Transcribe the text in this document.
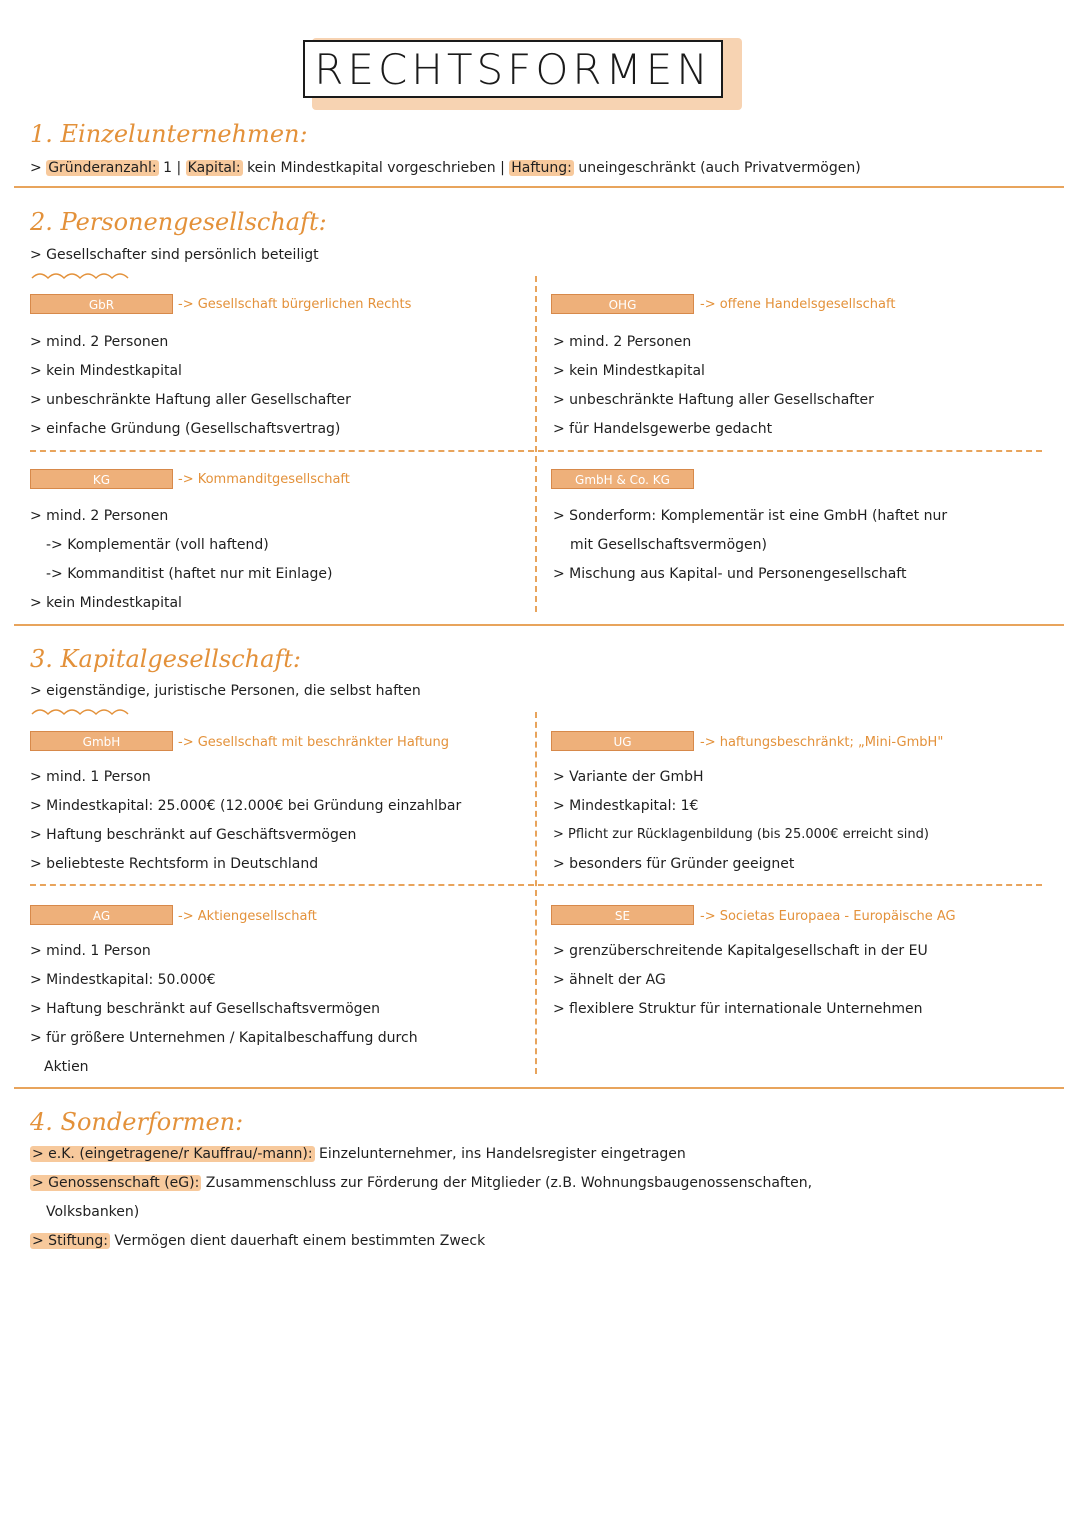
RECHTSFORMEN
1. Einzelunternehmen:
> Gründeranzahl: 1 | Kapital: kein Mindestkapital vorgeschrieben | Haftung: uneingeschränkt (auch Privatvermögen)
2. Personengesellschaft:
> Gesellschafter sind persönlich beteiligt
GbR	-> Gesellschaft bürgerlichen Rechts
> mind. 2 Personen
> kein Mindestkapital
> unbeschränkte Haftung aller Gesellschafter
> einfache Gründung (Gesellschaftsvertrag)
OHG	-> offene Handelsgesellschaft
> mind. 2 Personen
> kein Mindestkapital
> unbeschränkte Haftung aller Gesellschafter
> für Handelsgewerbe gedacht
KG	-> Kommanditgesellschaft
> mind. 2 Personen
-> Komplementär (voll haftend)
-> Kommanditist (haftet nur mit Einlage)
> kein Mindestkapital
GmbH & Co. KG
> Sonderform: Komplementär ist eine GmbH (haftet nur
mit Gesellschaftsvermögen)
> Mischung aus Kapital- und Personengesellschaft
3. Kapitalgesellschaft:
> eigenständige, juristische Personen, die selbst haften
GmbH	-> Gesellschaft mit beschränkter Haftung
> mind. 1 Person
> Mindestkapital: 25.000€ (12.000€ bei Gründung einzahlbar
> Haftung beschränkt auf Geschäftsvermögen
> beliebteste Rechtsform in Deutschland
UG	-> haftungsbeschränkt; „Mini-GmbH"
> Variante der GmbH
> Mindestkapital: 1€
> Pflicht zur Rücklagenbildung (bis 25.000€ erreicht sind)
> besonders für Gründer geeignet
AG	-> Aktiengesellschaft
> mind. 1 Person
> Mindestkapital: 50.000€
> Haftung beschränkt auf Gesellschaftsvermögen
> für größere Unternehmen / Kapitalbeschaffung durch
Aktien
SE	-> Societas Europaea - Europäische AG
> grenzüberschreitende Kapitalgesellschaft in der EU
> ähnelt der AG
> flexiblere Struktur für internationale Unternehmen
4. Sonderformen:
> e.K. (eingetragene/r Kauffrau/-mann): Einzelunternehmer, ins Handelsregister eingetragen
> Genossenschaft (eG): Zusammenschluss zur Förderung der Mitglieder (z.B. Wohnungsbaugenossenschaften,
Volksbanken)
> Stiftung: Vermögen dient dauerhaft einem bestimmten Zweck
